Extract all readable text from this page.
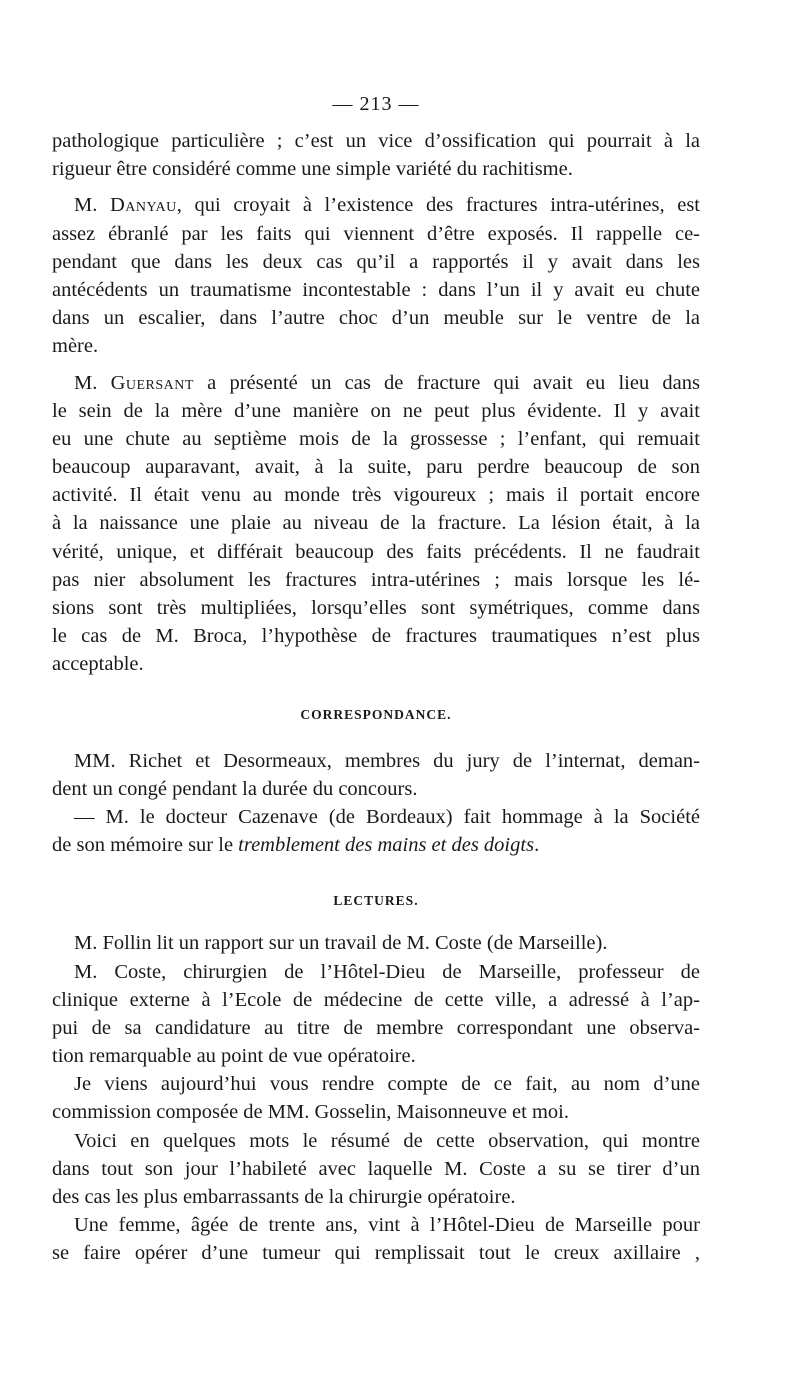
— 213 —
pathologique particulière ; c’est un vice d’ossification qui pourrait à la
rigueur être considéré comme une simple variété du rachitisme.
M. Danyau, qui croyait à l’existence des fractures intra-utérines, est
assez ébranlé par les faits qui viennent d’être exposés. Il rappelle ce-
pendant que dans les deux cas qu’il a rapportés il y avait dans les
antécédents un traumatisme incontestable : dans l’un il y avait eu chute
dans un escalier, dans l’autre choc d’un meuble sur le ventre de la
mère.
M. Guersant a présenté un cas de fracture qui avait eu lieu dans
le sein de la mère d’une manière on ne peut plus évidente. Il y avait
eu une chute au septième mois de la grossesse ; l’enfant, qui remuait
beaucoup auparavant, avait, à la suite, paru perdre beaucoup de son
activité. Il était venu au monde très vigoureux ; mais il portait encore
à la naissance une plaie au niveau de la fracture. La lésion était, à la
vérité, unique, et différait beaucoup des faits précédents. Il ne faudrait
pas nier absolument les fractures intra-utérines ; mais lorsque les lé-
sions sont très multipliées, lorsqu’elles sont symétriques, comme dans
le cas de M. Broca, l’hypothèse de fractures traumatiques n’est plus
acceptable.
CORRESPONDANCE.
MM. Richet et Desormeaux, membres du jury de l’internat, deman-
dent un congé pendant la durée du concours.
— M. le docteur Cazenave (de Bordeaux) fait hommage à la Société
de son mémoire sur le tremblement des mains et des doigts.
LECTURES.
M. Follin lit un rapport sur un travail de M. Coste (de Marseille).
M. Coste, chirurgien de l’Hôtel-Dieu de Marseille, professeur de
clinique externe à l’Ecole de médecine de cette ville, a adressé à l’ap-
pui de sa candidature au titre de membre correspondant une observa-
tion remarquable au point de vue opératoire.
Je viens aujourd’hui vous rendre compte de ce fait, au nom d’une
commission composée de MM. Gosselin, Maisonneuve et moi.
Voici en quelques mots le résumé de cette observation, qui montre
dans tout son jour l’habileté avec laquelle M. Coste a su se tirer d’un
des cas les plus embarrassants de la chirurgie opératoire.
Une femme, âgée de trente ans, vint à l’Hôtel-Dieu de Marseille pour
se faire opérer d’une tumeur qui remplissait tout le creux axillaire ,
